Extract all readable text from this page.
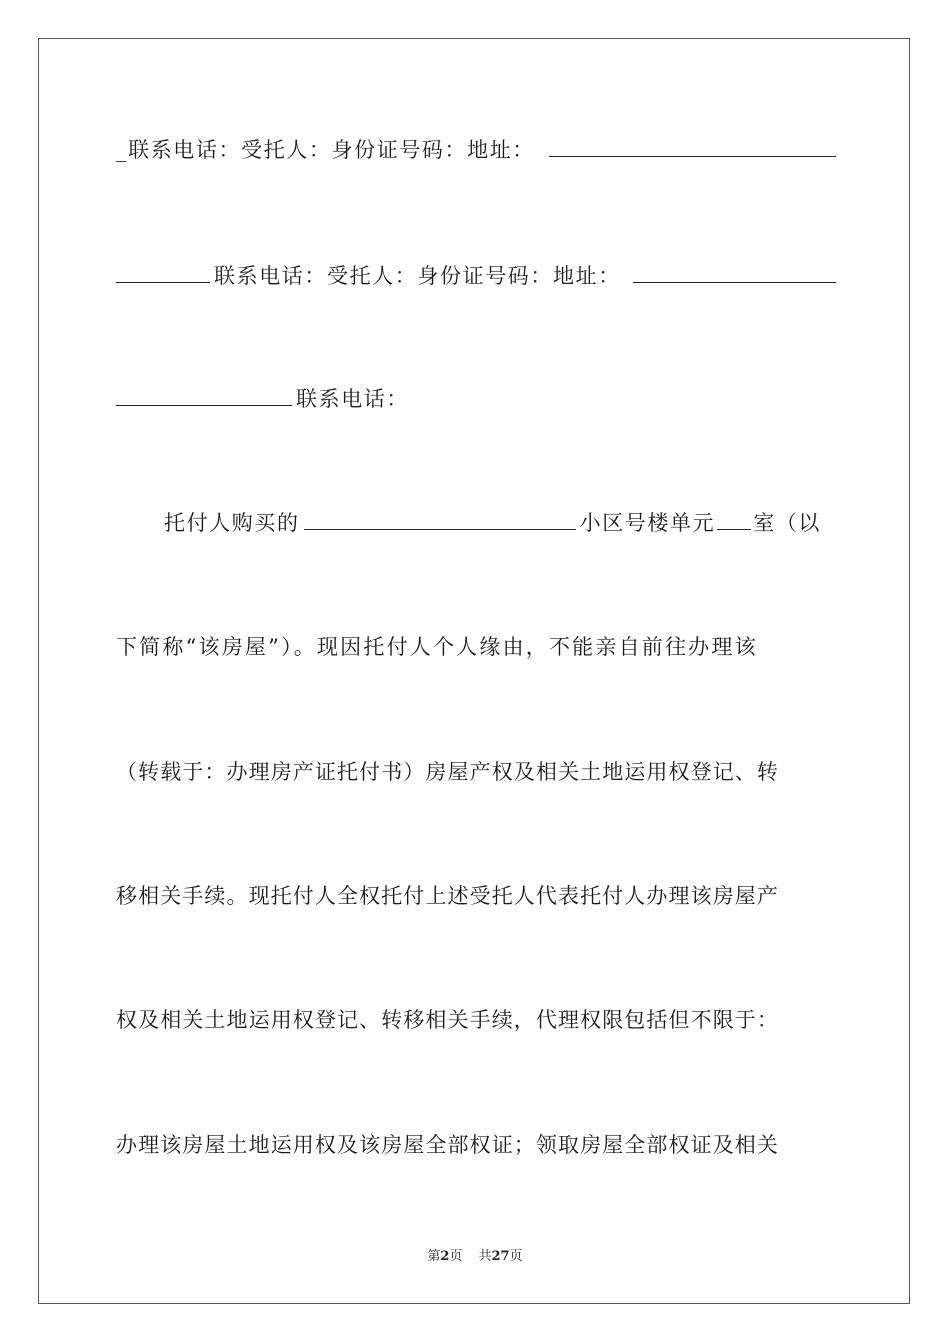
_ 联系电话：受托人：身份证号码：地址：
联系电话：受托人：身份证号码：地址：
联系电话：
托付人购买的	小区号楼单元 室（以
下简称“该房屋”）。现因托付人个人缘由，不能亲自前往办理该
（转载于：办理房产证托付书）房屋产权及相关土地运用权登记、转
移相关手续。现托付人全权托付上述受托人代表托付人办理该房屋产
权及相关土地运用权登记、转移相关手续，代理权限包括但不限于：
办理该房屋土地运用权及该房屋全部权证；领取房屋全部权证及相关
第2页 共27页
